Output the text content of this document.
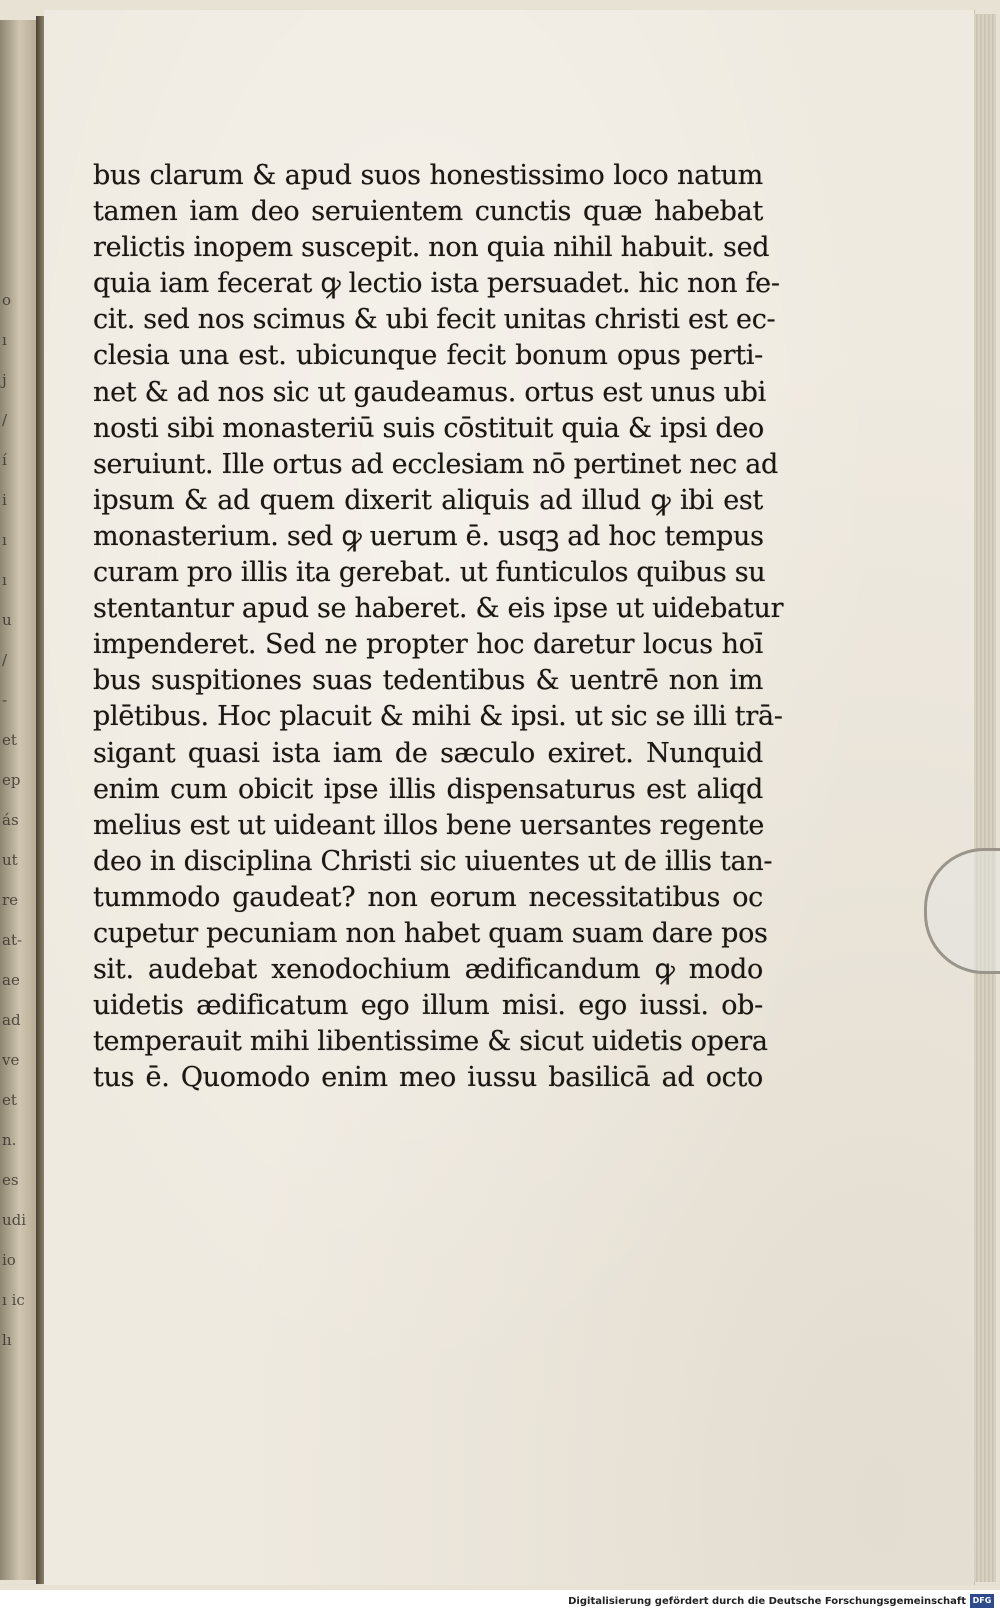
o
ı
j
/
í
i
ı
ı
u
/
-
et
ep
ás
ut
re
at-
ae
ad
ve
et
n.
es
udi
io
ı ic
lı
bus clarum & apud suos honestissimo loco natum
tamen iam deo seruientem cunctis quæ habebat
relictis inopem suscepit. non quia nihil habuit. sed
quia iam fecerat ꝙ lectio ista persuadet. hic non fe-
cit. sed nos scimus & ubi fecit unitas christi est ec-
clesia una est. ubicunque fecit bonum opus perti-
net & ad nos sic ut gaudeamus. ortus est unus ubi
nosti sibi monasteriū suis cōstituit quia & ipsi deo
seruiunt. Ille ortus ad ecclesiam nō pertinet nec ad
ipsum & ad quem dixerit aliquis ad illud ꝙ ibi est
monasterium. sed ꝙ uerum ē. usqꝫ ad hoc tempus
curam pro illis ita gerebat. ut funticulos quibus su
stentantur apud se haberet. & eis ipse ut uidebatur
impenderet. Sed ne propter hoc daretur locus hoī
bus suspitiones suas tedentibus & uentrē non im
plētibus. Hoc placuit & mihi & ipsi. ut sic se illi trā-
sigant quasi ista iam de sæculo exiret. Nunquid
enim cum obicit ipse illis dispensaturus est aliqd
melius est ut uideant illos bene uersantes regente
deo in disciplina Christi sic uiuentes ut de illis tan-
tummodo gaudeat? non eorum necessitatibus oc
cupetur pecuniam non habet quam suam dare pos
sit. audebat xenodochium ædificandum ꝙ modo
uidetis ædificatum ego illum misi. ego iussi. ob-
temperauit mihi libentissime & sicut uidetis opera
tus ē. Quomodo enim meo iussu basilicā ad octo
Digitalisierung gefördert durch die Deutsche Forschungsgemeinschaft DFG
